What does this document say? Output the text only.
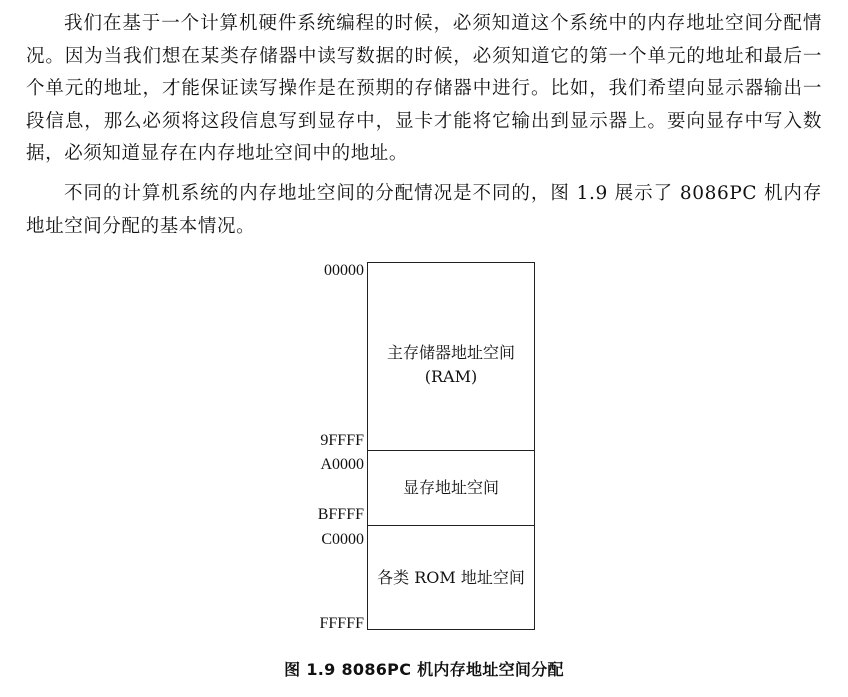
我们在基于一个计算机硬件系统编程的时候，必须知道这个系统中的内存地址空间分配情况。因为当我们想在某类存储器中读写数据的时候，必须知道它的第一个单元的地址和最后一个单元的地址，才能保证读写操作是在预期的存储器中进行。比如，我们希望向显示器输出一段信息，那么必须将这段信息写到显存中，显卡才能将它输出到显示器上。要向显存中写入数据，必须知道显存在内存地址空间中的地址。

不同的计算机系统的内存地址空间的分配情况是不同的，图 1.9 展示了 8086PC 机内存地址空间分配的基本情况。

00000
9FFFF
A0000
BFFFF
C0000
FFFFF
主存储器地址空间
(RAM)
显存地址空间
各类 ROM 地址空间
图 1.9 8086PC 机内存地址空间分配
